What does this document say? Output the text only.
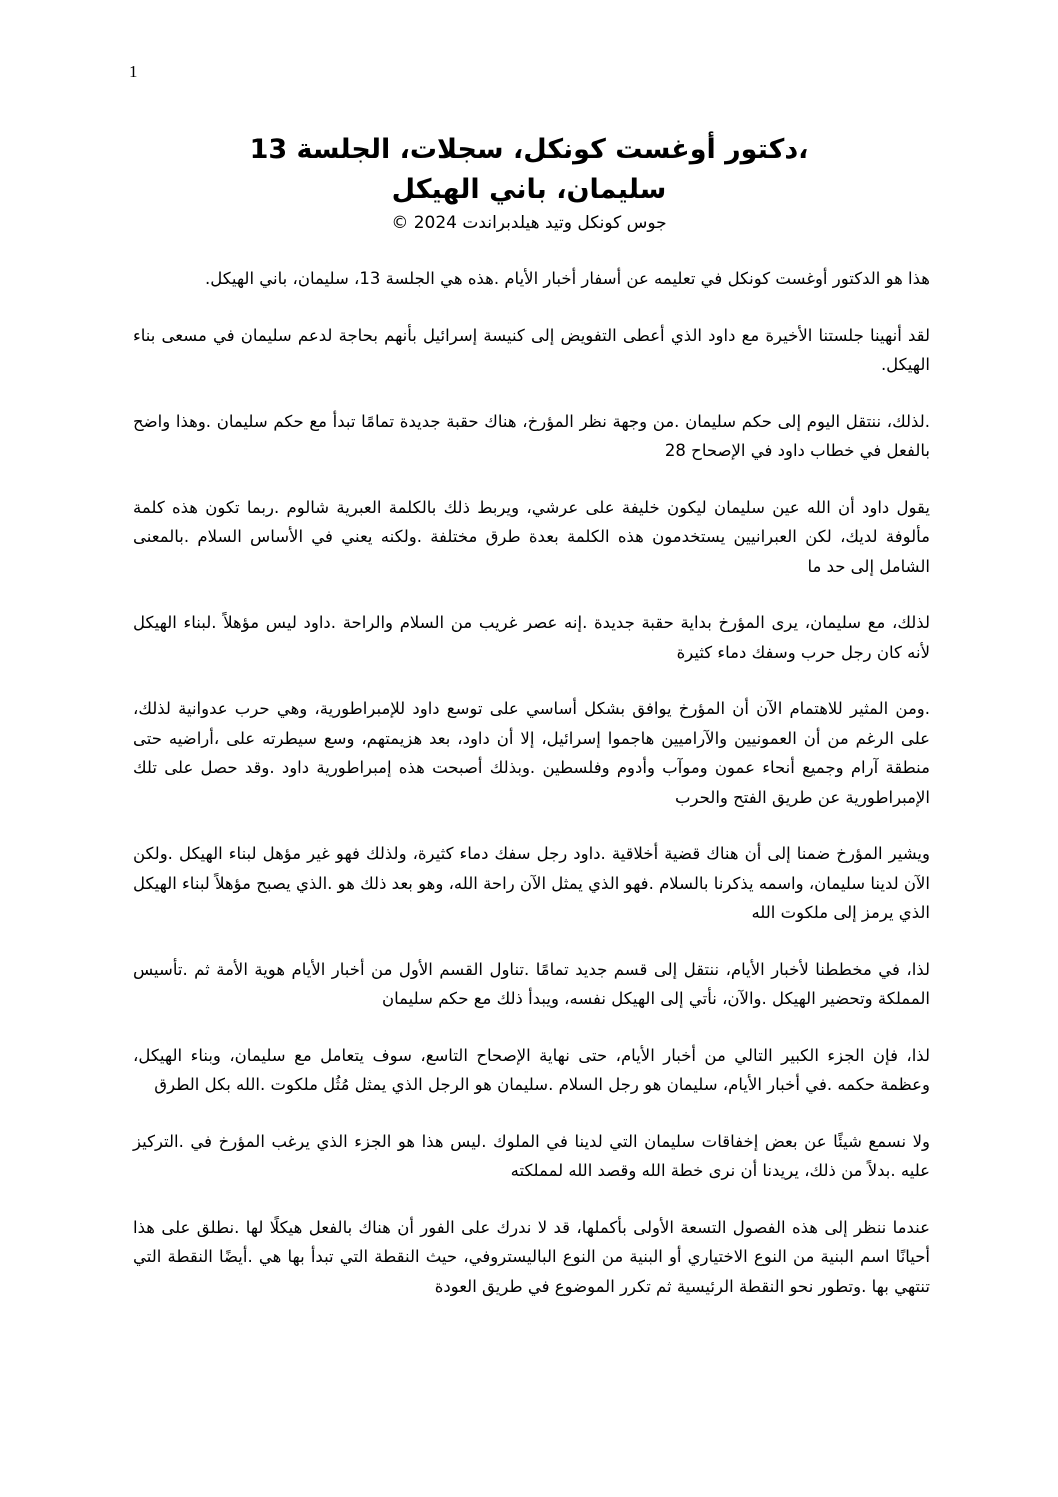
1
،دكتور أوغست كونكل، سجلات، الجلسة 13
سليمان، باني الهيكل
جوس كونكل وتيد هيلدبراندت 2024 ©

هذا هو الدكتور أوغست كونكل في تعليمه عن أسفار أخبار الأيام .هذه هي الجلسة 13، سليمان، باني الهيكل.

لقد أنهينا جلستنا الأخيرة مع داود الذي أعطى التفويض إلى كنيسة إسرائيل بأنهم بحاجة لدعم سليمان في مسعى بناء الهيكل.

.لذلك، ننتقل اليوم إلى حكم سليمان .من وجهة نظر المؤرخ، هناك حقبة جديدة تمامًا تبدأ مع حكم سليمان .وهذا واضح بالفعل في خطاب داود في الإصحاح 28

يقول داود أن الله عين سليمان ليكون خليفة على عرشي، ويربط ذلك بالكلمة العبرية شالوم .ربما تكون هذه كلمة مألوفة لديك، لكن العبرانيين يستخدمون هذه الكلمة بعدة طرق مختلفة .ولكنه يعني في الأساس السلام .بالمعنى الشامل إلى حد ما

لذلك، مع سليمان، يرى المؤرخ بداية حقبة جديدة .إنه عصر غريب من السلام والراحة .داود ليس مؤهلاً .لبناء الهيكل لأنه كان رجل حرب وسفك دماء كثيرة

.ومن المثير للاهتمام الآن أن المؤرخ يوافق بشكل أساسي على توسع داود للإمبراطورية، وهي حرب عدوانية لذلك، على الرغم من أن العمونيين والآراميين هاجموا إسرائيل، إلا أن داود، بعد هزيمتهم، وسع سيطرته على ،أراضيه حتى منطقة آرام وجميع أنحاء عمون وموآب وأدوم وفلسطين .وبذلك أصبحت هذه إمبراطورية داود .وقد حصل على تلك الإمبراطورية عن طريق الفتح والحرب

ويشير المؤرخ ضمنا إلى أن هناك قضية أخلاقية .داود رجل سفك دماء كثيرة، ولذلك فهو غير مؤهل لبناء الهيكل .ولكن الآن لدينا سليمان، واسمه يذكرنا بالسلام .فهو الذي يمثل الآن راحة الله، وهو بعد ذلك هو .الذي يصبح مؤهلاً لبناء الهيكل الذي يرمز إلى ملكوت الله

لذا، في مخططنا لأخبار الأيام، ننتقل إلى قسم جديد تمامًا .تناول القسم الأول من أخبار الأيام هوية الأمة ثم .تأسيس المملكة وتحضير الهيكل .والآن، نأتي إلى الهيكل نفسه، ويبدأ ذلك مع حكم سليمان

لذا، فإن الجزء الكبير التالي من أخبار الأيام، حتى نهاية الإصحاح التاسع، سوف يتعامل مع سليمان، وبناء الهيكل، وعظمة حكمه .في أخبار الأيام، سليمان هو رجل السلام .سليمان هو الرجل الذي يمثل مُثُل ملكوت .الله بكل الطرق

ولا نسمع شيئًا عن بعض إخفاقات سليمان التي لدينا في الملوك .ليس هذا هو الجزء الذي يرغب المؤرخ في .التركيز عليه .بدلاً من ذلك، يريدنا أن نرى خطة الله وقصد الله لمملكته

عندما ننظر إلى هذه الفصول التسعة الأولى بأكملها، قد لا ندرك على الفور أن هناك بالفعل هيكلًا لها .نطلق على هذا أحيانًا اسم البنية من النوع الاختياري أو البنية من النوع الباليستروفي، حيث النقطة التي تبدأ بها هي .أيضًا النقطة التي تنتهي بها .وتطور نحو النقطة الرئيسية ثم تكرر الموضوع في طريق العودة
